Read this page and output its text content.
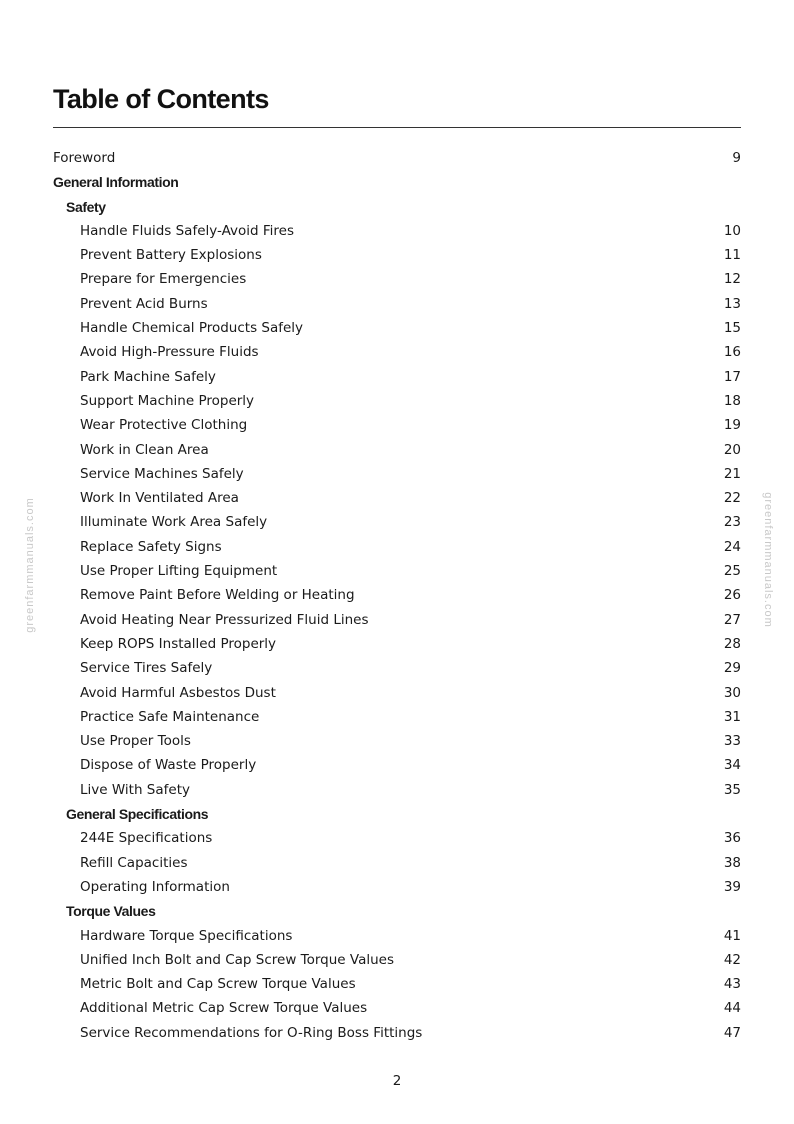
Table of Contents
Foreword	9
General Information
Safety
Handle Fluids Safely-Avoid Fires	10
Prevent Battery Explosions	11
Prepare for Emergencies	12
Prevent Acid Burns	13
Handle Chemical Products Safely	15
Avoid High-Pressure Fluids	16
Park Machine Safely	17
Support Machine Properly	18
Wear Protective Clothing	19
Work in Clean Area	20
Service Machines Safely	21
Work In Ventilated Area	22
Illuminate Work Area Safely	23
Replace Safety Signs	24
Use Proper Lifting Equipment	25
Remove Paint Before Welding or Heating	26
Avoid Heating Near Pressurized Fluid Lines	27
Keep ROPS Installed Properly	28
Service Tires Safely	29
Avoid Harmful Asbestos Dust	30
Practice Safe Maintenance	31
Use Proper Tools	33
Dispose of Waste Properly	34
Live With Safety	35
General Specifications
244E Specifications	36
Refill Capacities	38
Operating Information	39
Torque Values
Hardware Torque Specifications	41
Unified Inch Bolt and Cap Screw Torque Values	42
Metric Bolt and Cap Screw Torque Values	43
Additional Metric Cap Screw Torque Values	44
Service Recommendations for O-Ring Boss Fittings	47
greenfarmmanuals.com	greenfarmmanuals.com
2
